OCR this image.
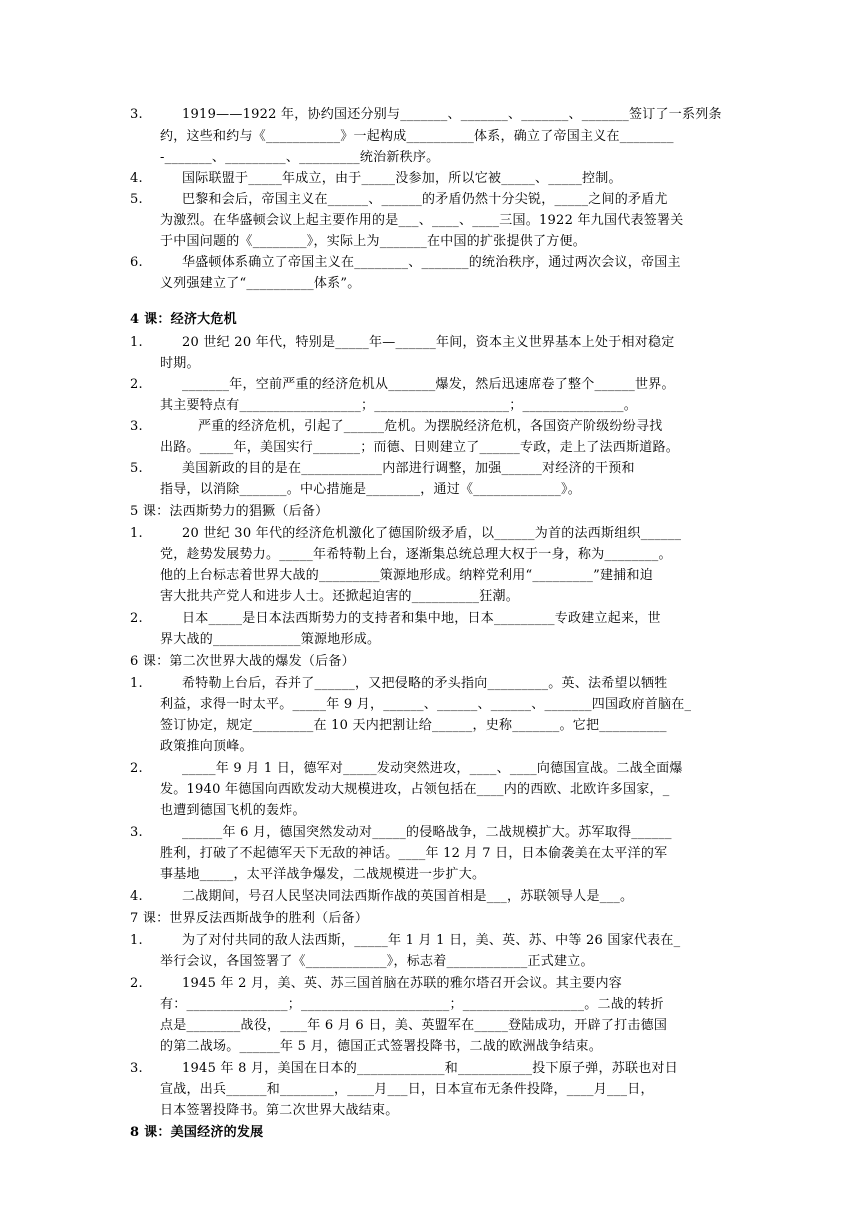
3.	1919——1922 年，协约国还分别与_______、_______、_______、_______签订了一系列条
约，这些和约与《___________》一起构成__________体系，确立了帝国主义在________
-_______、_________、_________统治新秩序。
4.	国际联盟于_____年成立，由于_____没参加，所以它被_____、_____控制。
5.	巴黎和会后，帝国主义在______、______的矛盾仍然十分尖锐，_____之间的矛盾尤
为激烈。在华盛顿会议上起主要作用的是___、____、____三国。1922 年九国代表签署关
于中国问题的《________》，实际上为_______在中国的扩张提供了方便。
6.	华盛顿体系确立了帝国主义在________、_______的统治秩序，通过两次会议，帝国主
义列强建立了“__________体系”。
4 课：经济大危机
1.	20 世纪 20 年代，特别是_____年—______年间，资本主义世界基本上处于相对稳定
时期。
2.	_______年，空前严重的经济危机从_______爆发，然后迅速席卷了整个______世界。
其主要特点有__________________；____________________；_______________。
3.	严重的经济危机，引起了______危机。为摆脱经济危机，各国资产阶级纷纷寻找
出路。_____年，美国实行_______；而德、日则建立了______专政，走上了法西斯道路。
5.	美国新政的目的是在____________内部进行调整，加强______对经济的干预和
指导，以消除_______。中心措施是________，通过《_____________》。
5 课：法西斯势力的猖獗（后备）
1.	20 世纪 30 年代的经济危机激化了德国阶级矛盾，以______为首的法西斯组织______
党，趁势发展势力。_____年希特勒上台，逐渐集总统总理大权于一身，称为________。
他的上台标志着世界大战的_________策源地形成。纳粹党利用“_________”建捕和迫
害大批共产党人和进步人士。还掀起迫害的__________狂潮。
2.	日本_____是日本法西斯势力的支持者和集中地，日本_________专政建立起来，世
界大战的_____________策源地形成。
6 课：第二次世界大战的爆发（后备）
1.	希特勒上台后，吞并了______，又把侵略的矛头指向_________。英、法希望以牺牲
利益，求得一时太平。_____年 9 月，______、______、______、_______四国政府首脑在_
签订协定，规定_________在 10 天内把割让给______，史称_______。它把__________
政策推向顶峰。
2.	_____年 9 月 1 日，德军对_____发动突然进攻，____、____向德国宣战。二战全面爆
发。1940 年德国向西欧发动大规模进攻，占领包括在____内的西欧、北欧许多国家，_
也遭到德国飞机的轰炸。
3.	______年 6 月，德国突然发动对_____的侵略战争，二战规模扩大。苏军取得______
胜利，打破了不起德军天下无敌的神话。____年 12 月 7 日，日本偷袭美在太平洋的军
事基地_____，太平洋战争爆发，二战规模进一步扩大。
4.	二战期间，号召人民坚决同法西斯作战的英国首相是___，苏联领导人是___。
7 课：世界反法西斯战争的胜利（后备）
1.	为了对付共同的敌人法西斯，_____年 1 月 1 日，美、英、苏、中等 26 国家代表在_
举行会议，各国签署了《____________》，标志着____________正式建立。
2.	1945 年 2 月，美、英、苏三国首脑在苏联的雅尔塔召开会议。其主要内容
有：_______________；______________________；__________________。二战的转折
点是________战役，____年 6 月 6 日，美、英盟军在_____登陆成功，开辟了打击德国
的第二战场。______年 5 月，德国正式签署投降书，二战的欧洲战争结束。
3.	1945 年 8 月，美国在日本的_____________和___________投下原子弹，苏联也对日
宣战，出兵______和________，____月___日，日本宣布无条件投降，____月___日，
日本签署投降书。第二次世界大战结束。
8 课：美国经济的发展
